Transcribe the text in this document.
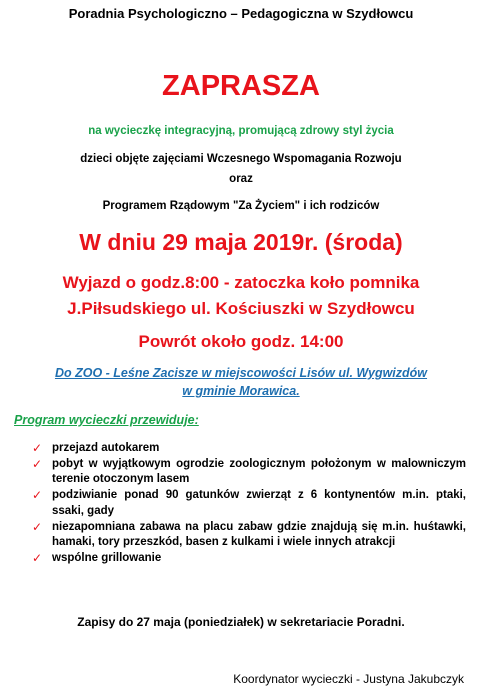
Poradnia Psychologiczno – Pedagogiczna w Szydłowcu
ZAPRASZA
na wycieczkę integracyjną, promującą zdrowy styl życia
dzieci objęte zajęciami Wczesnego Wspomagania Rozwoju
oraz
Programem Rządowym "Za Życiem" i ich rodziców
W dniu 29 maja 2019r. (środa)
Wyjazd o godz.8:00 - zatoczka koło pomnika
J.Piłsudskiego ul. Kościuszki w Szydłowcu
Powrót około godz. 14:00
Do ZOO - Leśne Zacisze w miejscowości Lisów ul. Wygwizdów
w gminie Morawica.
Program wycieczki przewiduje:
✓ przejazd autokarem
✓ pobyt w wyjątkowym ogrodzie zoologicznym położonym w malowniczym terenie otoczonym lasem
✓ podziwianie ponad 90 gatunków zwierząt z 6 kontynentów m.in. ptaki, ssaki, gady
✓ niezapomniana zabawa na placu zabaw gdzie znajdują się m.in. huśtawki, hamaki, tory przeszkód, basen z kulkami i wiele innych atrakcji
✓ wspólne grillowanie
Zapisy do 27 maja (poniedziałek) w sekretariacie Poradni.
Koordynator wycieczki - Justyna Jakubczyk
